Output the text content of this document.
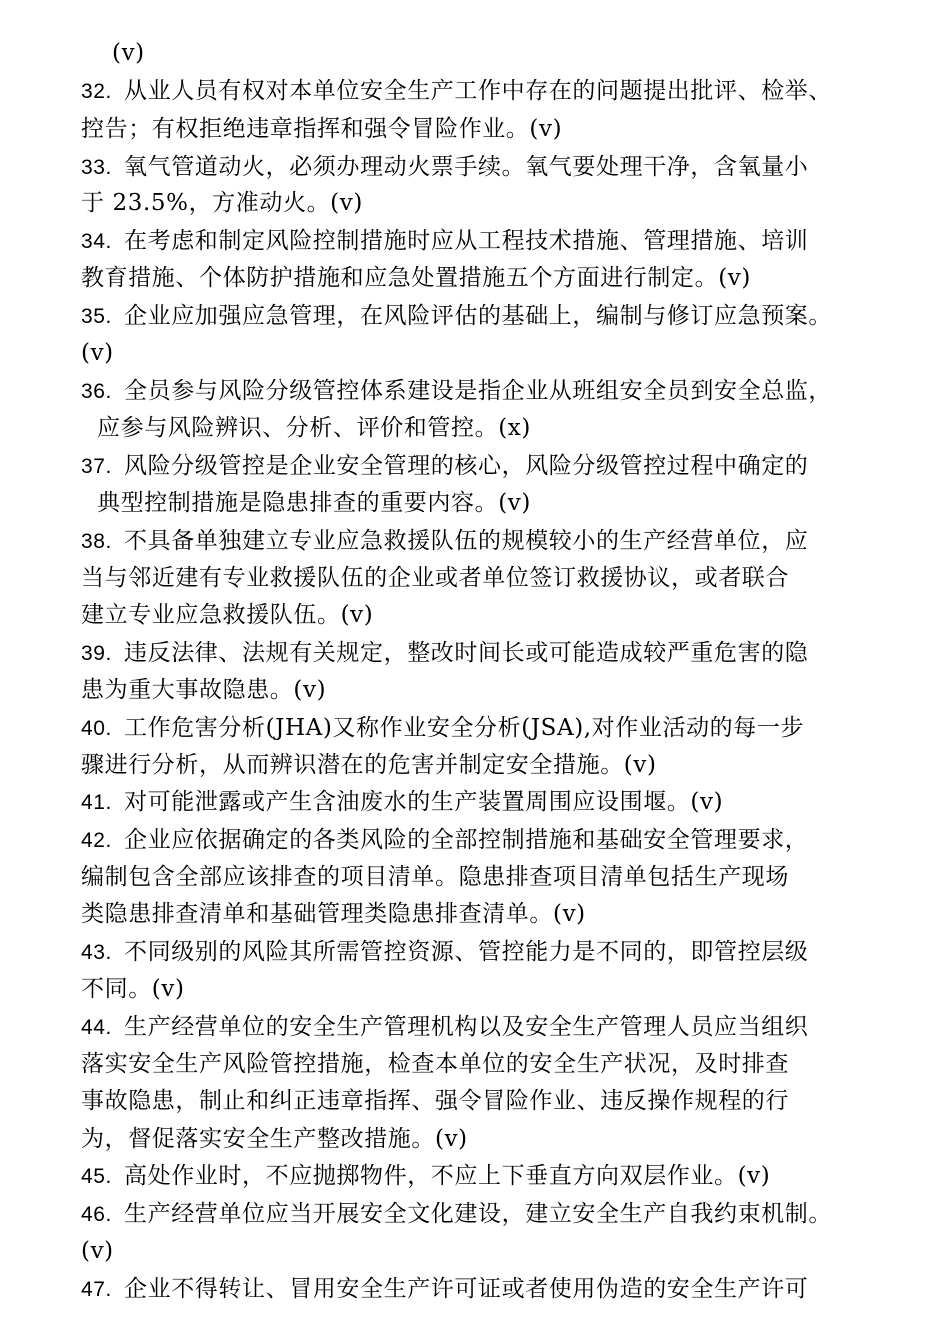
(v)
32. 从业人员有权对本单位安全生产工作中存在的问题提出批评、检举、
控告；有权拒绝违章指挥和强令冒险作业。(v)
33. 氧气管道动火，必须办理动火票手续。氧气要处理干净，含氧量小
于 23.5%，方准动火。(v)
34. 在考虑和制定风险控制措施时应从工程技术措施、管理措施、培训
教育措施、个体防护措施和应急处置措施五个方面进行制定。(v)
35. 企业应加强应急管理，在风险评估的基础上，编制与修订应急预案。
(v)
36. 全员参与风险分级管控体系建设是指企业从班组安全员到安全总监，
应参与风险辨识、分析、评价和管控。(x)
37. 风险分级管控是企业安全管理的核心，风险分级管控过程中确定的
典型控制措施是隐患排查的重要内容。(v)
38. 不具备单独建立专业应急救援队伍的规模较小的生产经营单位，应
当与邻近建有专业救援队伍的企业或者单位签订救援协议，或者联合
建立专业应急救援队伍。(v)
39. 违反法律、法规有关规定，整改时间长或可能造成较严重危害的隐
患为重大事故隐患。(v)
40. 工作危害分析(JHA)又称作业安全分析(JSA),对作业活动的每一步
骤进行分析，从而辨识潜在的危害并制定安全措施。(v)
41. 对可能泄露或产生含油废水的生产装置周围应设围堰。(v)
42. 企业应依据确定的各类风险的全部控制措施和基础安全管理要求，
编制包含全部应该排查的项目清单。隐患排查项目清单包括生产现场
类隐患排查清单和基础管理类隐患排查清单。(v)
43. 不同级别的风险其所需管控资源、管控能力是不同的，即管控层级
不同。(v)
44. 生产经营单位的安全生产管理机构以及安全生产管理人员应当组织
落实安全生产风险管控措施，检查本单位的安全生产状况，及时排查
事故隐患，制止和纠正违章指挥、强令冒险作业、违反操作规程的行
为，督促落实安全生产整改措施。(v)
45. 高处作业时，不应抛掷物件，不应上下垂直方向双层作业。(v)
46. 生产经营单位应当开展安全文化建设，建立安全生产自我约束机制。
(v)
47. 企业不得转让、冒用安全生产许可证或者使用伪造的安全生产许可
